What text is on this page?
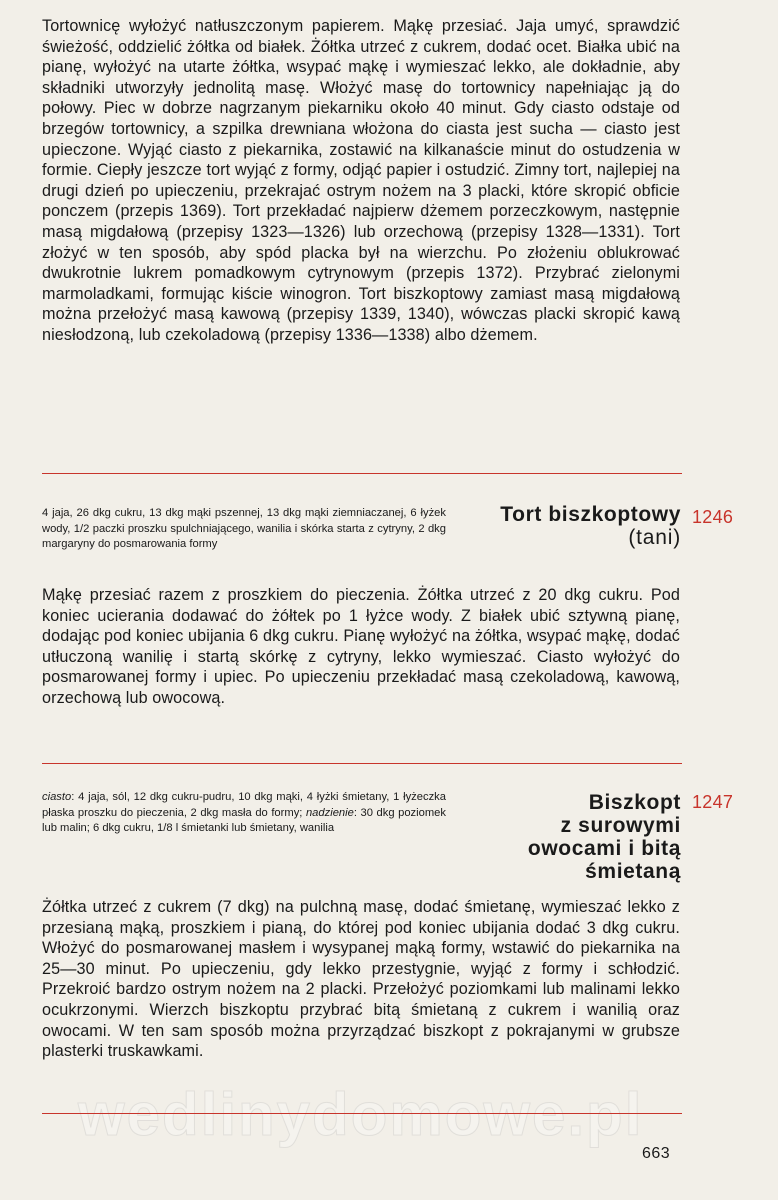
Tortownicę wyłożyć natłuszczonym papierem. Mąkę przesiać. Jaja umyć, sprawdzić świeżość, oddzielić żółtka od białek. Żółtka utrzeć z cukrem, dodać ocet. Białka ubić na pianę, wyłożyć na utarte żółtka, wsypać mąkę i wymieszać lekko, ale dokładnie, aby składniki utworzyły jednolitą masę. Włożyć masę do tortownicy napełniając ją do połowy. Piec w dobrze nagrzanym piekarniku około 40 minut. Gdy ciasto odstaje od brzegów tortownicy, a szpilka drewniana włożona do ciasta jest sucha — ciasto jest upieczone. Wyjąć ciasto z piekarnika, zostawić na kilkanaście minut do ostudzenia w formie. Ciepły jeszcze tort wyjąć z formy, odjąć papier i ostudzić. Zimny tort, najlepiej na drugi dzień po upieczeniu, przekrajać ostrym nożem na 3 placki, które skropić obficie ponczem (przepis 1369). Tort przekładać najpierw dżemem porzeczkowym, następnie masą migdałową (przepisy 1323—1326) lub orzechową (przepisy 1328—1331). Tort złożyć w ten sposób, aby spód placka był na wierzchu. Po złożeniu oblukrować dwukrotnie lukrem pomadkowym cytrynowym (przepis 1372). Przybrać zielonymi marmoladkami, formując kiście winogron. Tort biszkoptowy zamiast masą migdałową można przełożyć masą kawową (przepisy 1339, 1340), wówczas placki skropić kawą niesłodzoną, lub czekoladową (przepisy 1336—1338) albo dżemem.

4 jaja, 26 dkg cukru, 13 dkg mąki pszennej, 13 dkg mąki ziemniaczanej, 6 łyżek wody, 1/2 paczki proszku spulchniającego, wanilia i skórka starta z cytryny, 2 dkg margaryny do posmarowania formy

Tort biszkoptowy
(tani)
1246

Mąkę przesiać razem z proszkiem do pieczenia. Żółtka utrzeć z 20 dkg cukru. Pod koniec ucierania dodawać do żółtek po 1 łyżce wody. Z białek ubić sztywną pianę, dodając pod koniec ubijania 6 dkg cukru. Pianę wyłożyć na żółtka, wsypać mąkę, dodać utłuczoną wanilię i startą skórkę z cytryny, lekko wymieszać. Ciasto wyłożyć do posmarowanej formy i upiec. Po upieczeniu przekładać masą czekoladową, kawową, orzechową lub owocową.

ciasto: 4 jaja, sól, 12 dkg cukru-pudru, 10 dkg mąki, 4 łyżki śmietany, 1 łyżeczka płaska proszku do pieczenia, 2 dkg masła do formy; nadzienie: 30 dkg poziomek lub malin; 6 dkg cukru, 1/8 l śmietanki lub śmietany, wanilia

Biszkopt
z surowymi
owocami i bitą
śmietaną
1247

Żółtka utrzeć z cukrem (7 dkg) na pulchną masę, dodać śmietanę, wymieszać lekko z przesianą mąką, proszkiem i pianą, do której pod koniec ubijania dodać 3 dkg cukru. Włożyć do posmarowanej masłem i wysypanej mąką formy, wstawić do piekarnika na 25—30 minut. Po upieczeniu, gdy lekko przestygnie, wyjąć z formy i schłodzić. Przekroić bardzo ostrym nożem na 2 placki. Przełożyć poziomkami lub malinami lekko ocukrzonymi. Wierzch biszkoptu przybrać bitą śmietaną z cukrem i wanilią oraz owocami. W ten sam sposób można przyrządzać biszkopt z pokrajanymi w grubsze plasterki truskawkami.

wedlinydomowe.pl
663
